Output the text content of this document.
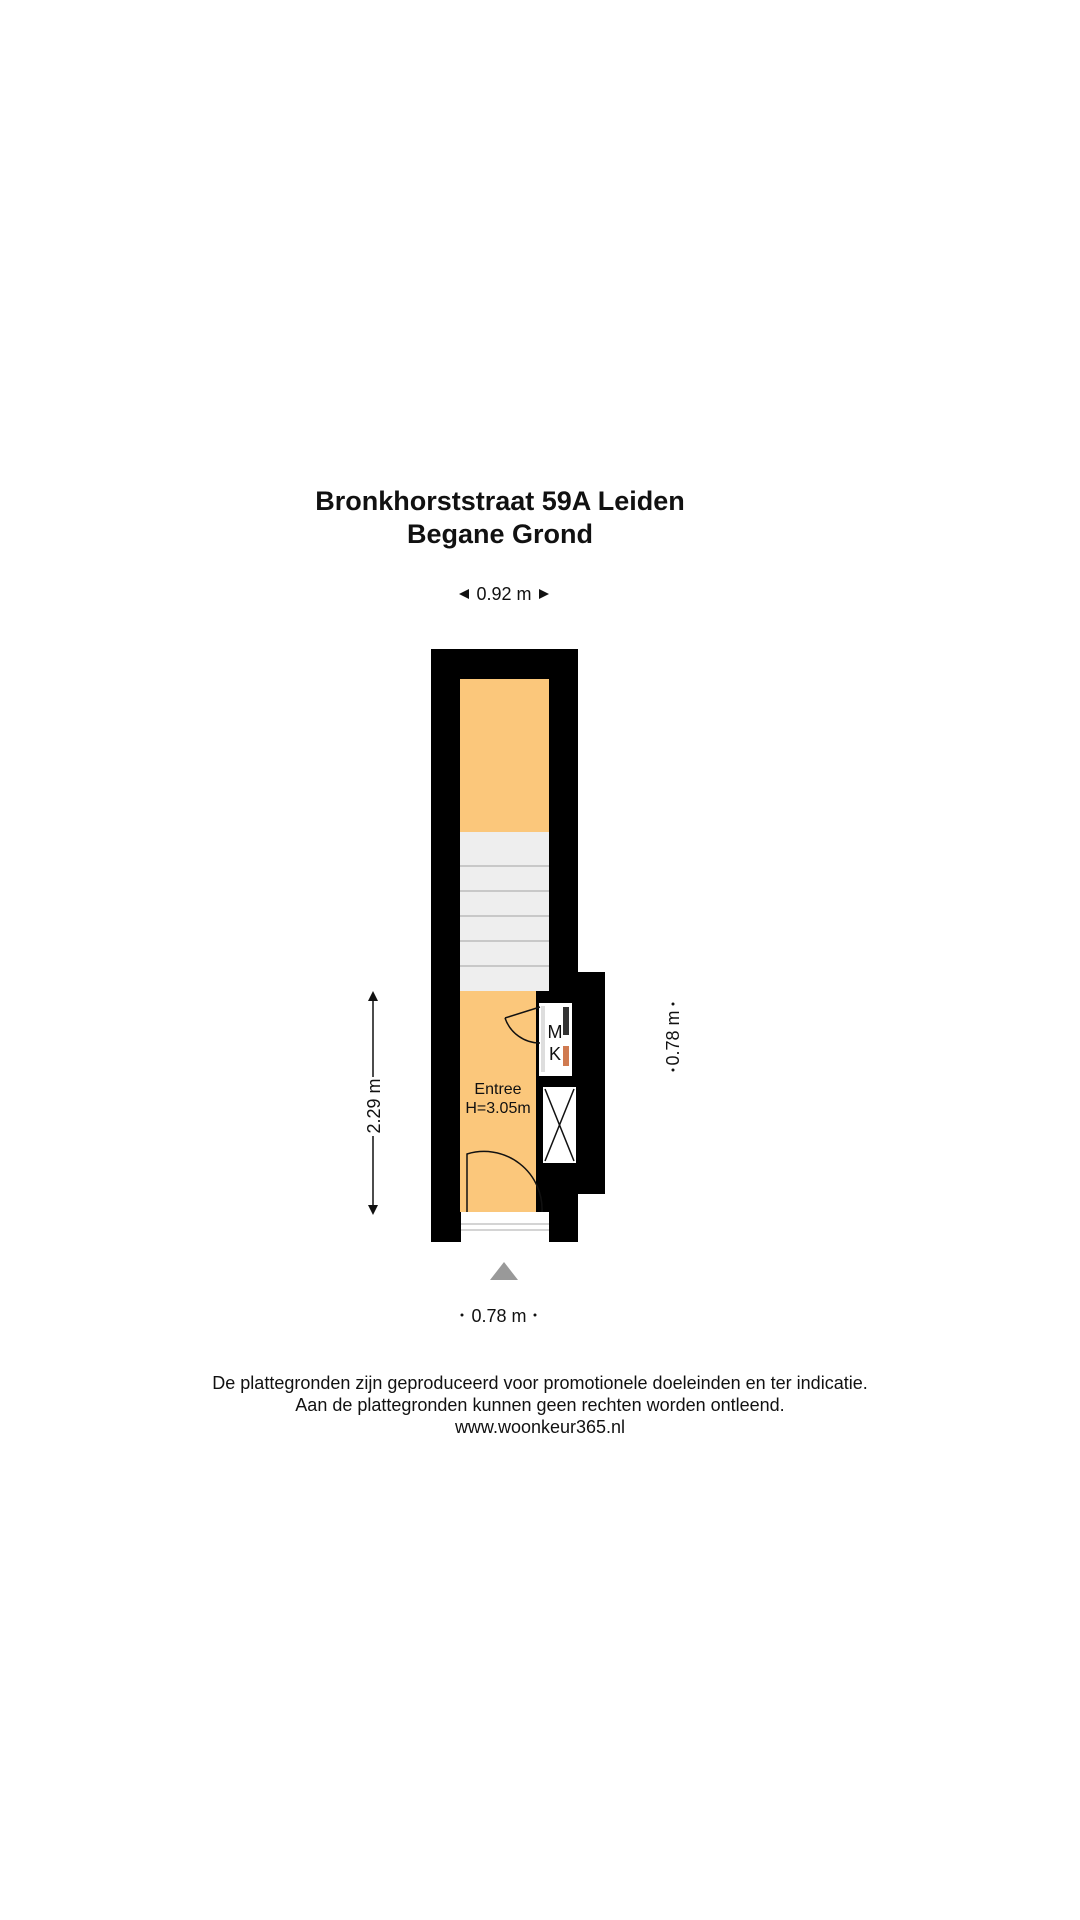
Bronkhorststraat 59A Leiden
Begane Grond
0.92 m
M
K
Entree
H=3.05m
0.78 m
2.29 m
0.78 m
De plattegronden zijn geproduceerd voor promotionele doeleinden en ter indicatie.
Aan de plattegronden kunnen geen rechten worden ontleend.
www.woonkeur365.nl
